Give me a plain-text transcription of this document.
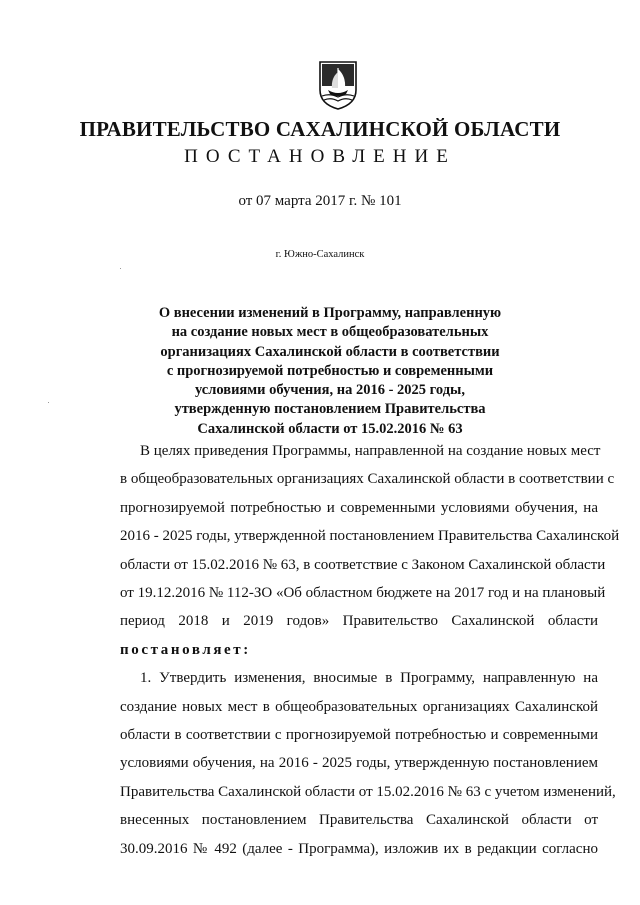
ПРАВИТЕЛЬСТВО САХАЛИНСКОЙ ОБЛАСТИ
ПОСТАНОВЛЕНИЕ
от 07 марта 2017 г. № 101
г. Южно-Сахалинск
О внесении изменений в Программу, направленную
на создание новых мест в общеобразовательных
организациях Сахалинской области в соответствии
с прогнозируемой потребностью и современными
условиями обучения, на 2016 - 2025 годы,
утвержденную постановлением Правительства
Сахалинской области от 15.02.2016 № 63
В целях приведения Программы, направленной на создание новых мест
в общеобразовательных организациях Сахалинской области в соответствии с
прогнозируемой потребностью и современными условиями обучения, на
2016 - 2025 годы, утвержденной постановлением Правительства Сахалинской
области от 15.02.2016 № 63, в соответствие с Законом Сахалинской области
от 19.12.2016 № 112-ЗО «Об областном бюджете на 2017 год и на плановый
период 2018 и 2019 годов» Правительство Сахалинской области
постановляет:
1. Утвердить изменения, вносимые в Программу, направленную на
создание новых мест в общеобразовательных организациях Сахалинской
области в соответствии с прогнозируемой потребностью и современными
условиями обучения, на 2016 - 2025 годы, утвержденную постановлением
Правительства Сахалинской области от 15.02.2016 № 63 с учетом изменений,
внесенных постановлением Правительства Сахалинской области от
30.09.2016 № 492 (далее - Программа), изложив их в редакции согласно
